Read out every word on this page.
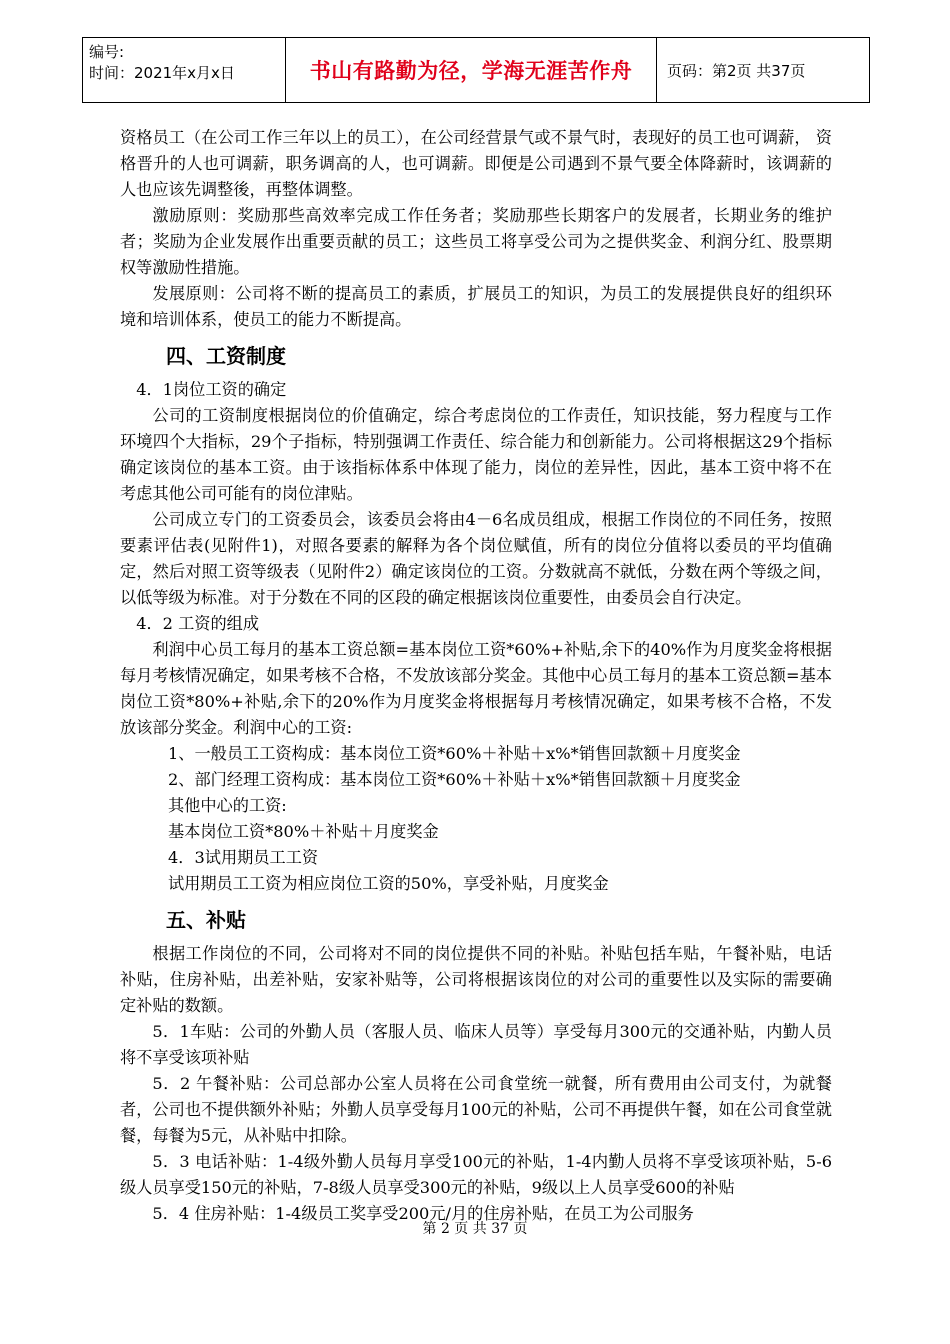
编号:
时间：2021年x月x日	书山有路勤为径，学海无涯苦作舟	页码：第2页 共37页

资格员工（在公司工作三年以上的员工），在公司经营景气或不景气时，表现好的员工也可调薪， 资格晋升的人也可调薪，职务调高的人，也可调薪。即便是公司遇到不景气要全体降薪时，该调薪的人也应该先调整後，再整体调整。

激励原则：奖励那些高效率完成工作任务者；奖励那些长期客户的发展者，长期业务的维护者；奖励为企业发展作出重要贡献的员工；这些员工将享受公司为之提供奖金、利润分红、股票期权等激励性措施。

发展原则：公司将不断的提高员工的素质，扩展员工的知识，为员工的发展提供良好的组织环境和培训体系，使员工的能力不断提高。

四、工资制度

4．1岗位工资的确定

公司的工资制度根据岗位的价值确定，综合考虑岗位的工作责任，知识技能，努力程度与工作环境四个大指标，29个子指标，特别强调工作责任、综合能力和创新能力。公司将根据这29个指标确定该岗位的基本工资。由于该指标体系中体现了能力，岗位的差异性，因此，基本工资中将不在考虑其他公司可能有的岗位津贴。

公司成立专门的工资委员会，该委员会将由4－6名成员组成，根据工作岗位的不同任务，按照要素评估表(见附件1)，对照各要素的解释为各个岗位赋值，所有的岗位分值将以委员的平均值确定，然后对照工资等级表（见附件2）确定该岗位的工资。分数就高不就低，分数在两个等级之间，以低等级为标准。对于分数在不同的区段的确定根据该岗位重要性，由委员会自行决定。

4．2 工资的组成

利润中心员工每月的基本工资总额=基本岗位工资*60%+补贴,余下的40%作为月度奖金将根据每月考核情况确定，如果考核不合格，不发放该部分奖金。其他中心员工每月的基本工资总额=基本岗位工资*80%+补贴,余下的20%作为月度奖金将根据每月考核情况确定，如果考核不合格，不发放该部分奖金。利润中心的工资:

1、一般员工工资构成：基本岗位工资*60%＋补贴＋x%*销售回款额＋月度奖金

2、部门经理工资构成：基本岗位工资*60%＋补贴＋x%*销售回款额＋月度奖金

其他中心的工资:

基本岗位工资*80%＋补贴＋月度奖金

4．3试用期员工工资

试用期员工工资为相应岗位工资的50%，享受补贴，月度奖金

五、补贴

根据工作岗位的不同，公司将对不同的岗位提供不同的补贴。补贴包括车贴，午餐补贴，电话补贴，住房补贴，出差补贴，安家补贴等，公司将根据该岗位的对公司的重要性以及实际的需要确定补贴的数额。

5．1车贴：公司的外勤人员（客服人员、临床人员等）享受每月300元的交通补贴，内勤人员将不享受该项补贴

5．2 午餐补贴：公司总部办公室人员将在公司食堂统一就餐，所有费用由公司支付，为就餐者，公司也不提供额外补贴；外勤人员享受每月100元的补贴，公司不再提供午餐，如在公司食堂就餐，每餐为5元，从补贴中扣除。

5．3 电话补贴：1-4级外勤人员每月享受100元的补贴，1-4内勤人员将不享受该项补贴，5-6级人员享受150元的补贴，7-8级人员享受300元的补贴，9级以上人员享受600的补贴

5．4 住房补贴：1-4级员工奖享受200元/月的住房补贴，在员工为公司服务

第 2 页 共 37 页
